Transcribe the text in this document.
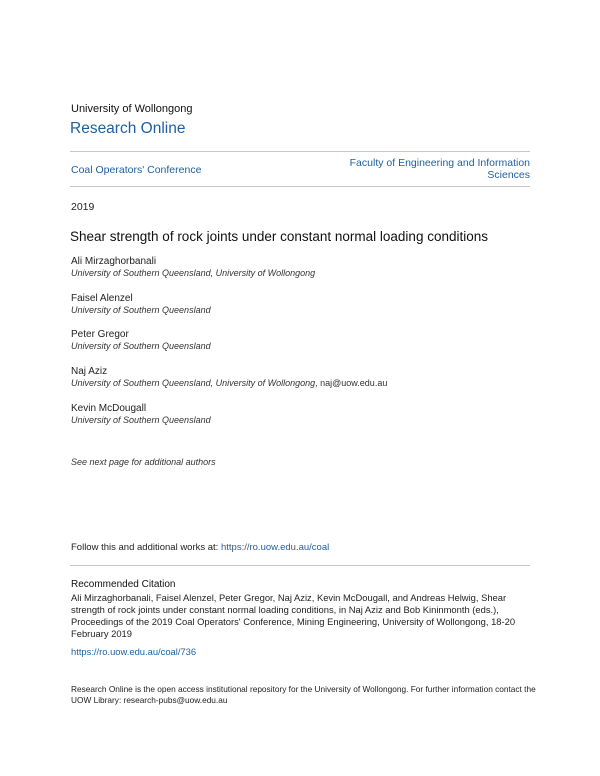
University of Wollongong
Research Online
Coal Operators' Conference
Faculty of Engineering and Information Sciences
2019
Shear strength of rock joints under constant normal loading conditions
Ali Mirzaghorbanali
University of Southern Queensland, University of Wollongong
Faisel Alenzel
University of Southern Queensland
Peter Gregor
University of Southern Queensland
Naj Aziz
University of Southern Queensland, University of Wollongong, naj@uow.edu.au
Kevin McDougall
University of Southern Queensland
See next page for additional authors
Follow this and additional works at: https://ro.uow.edu.au/coal
Recommended Citation
Ali Mirzaghorbanali, Faisel Alenzel, Peter Gregor, Naj Aziz, Kevin McDougall, and Andreas Helwig, Shear strength of rock joints under constant normal loading conditions, in Naj Aziz and Bob Kininmonth (eds.), Proceedings of the 2019 Coal Operators' Conference, Mining Engineering, University of Wollongong, 18-20 February 2019
https://ro.uow.edu.au/coal/736
Research Online is the open access institutional repository for the University of Wollongong. For further information contact the UOW Library: research-pubs@uow.edu.au
